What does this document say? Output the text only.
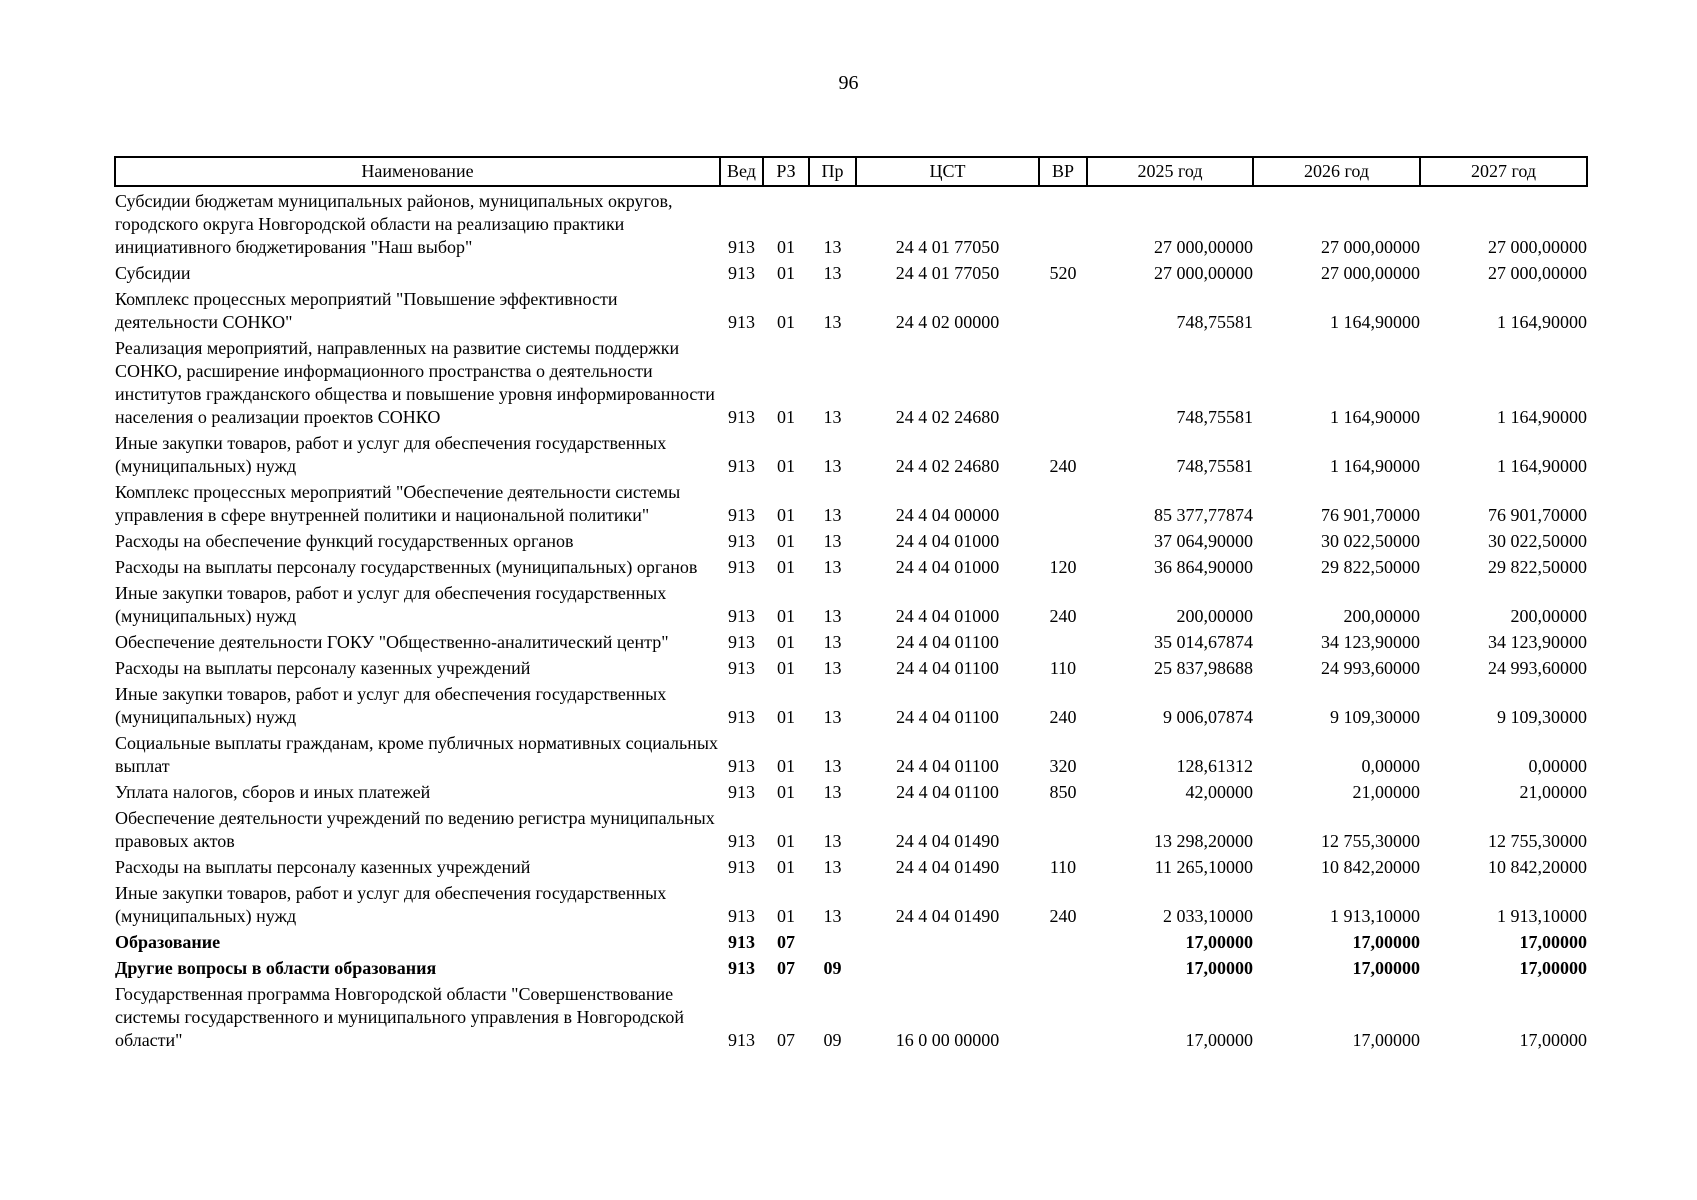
96
Наименование	Вед	РЗ	Пр	ЦСТ	ВР	2025 год	2026 год	2027 год
Субсидии бюджетам муниципальных районов, муниципальных округов, городского округа Новгородской области на реализацию практики инициативного бюджетирования "Наш выбор"	913	01	13	24 4 01 77050		27 000,00000	27 000,00000	27 000,00000
Субсидии	913	01	13	24 4 01 77050	520	27 000,00000	27 000,00000	27 000,00000
Комплекс процессных мероприятий "Повышение эффективности деятельности СОНКО"	913	01	13	24 4 02 00000		748,75581	1 164,90000	1 164,90000
Реализация мероприятий, направленных на развитие системы поддержки СОНКО, расширение информационного пространства о деятельности институтов гражданского общества и повышение уровня информированности населения о реализации проектов СОНКО	913	01	13	24 4 02 24680		748,75581	1 164,90000	1 164,90000
Иные закупки товаров, работ и услуг для обеспечения государственных (муниципальных) нужд	913	01	13	24 4 02 24680	240	748,75581	1 164,90000	1 164,90000
Комплекс процессных мероприятий "Обеспечение деятельности системы управления в сфере внутренней политики и национальной политики"	913	01	13	24 4 04 00000		85 377,77874	76 901,70000	76 901,70000
Расходы на обеспечение функций государственных органов	913	01	13	24 4 04 01000		37 064,90000	30 022,50000	30 022,50000
Расходы на выплаты персоналу государственных (муниципальных) органов	913	01	13	24 4 04 01000	120	36 864,90000	29 822,50000	29 822,50000
Иные закупки товаров, работ и услуг для обеспечения государственных (муниципальных) нужд	913	01	13	24 4 04 01000	240	200,00000	200,00000	200,00000
Обеспечение деятельности ГОКУ "Общественно-аналитический центр"	913	01	13	24 4 04 01100		35 014,67874	34 123,90000	34 123,90000
Расходы на выплаты персоналу казенных учреждений	913	01	13	24 4 04 01100	110	25 837,98688	24 993,60000	24 993,60000
Иные закупки товаров, работ и услуг для обеспечения государственных (муниципальных) нужд	913	01	13	24 4 04 01100	240	9 006,07874	9 109,30000	9 109,30000
Социальные выплаты гражданам, кроме публичных нормативных социальных выплат	913	01	13	24 4 04 01100	320	128,61312	0,00000	0,00000
Уплата налогов, сборов и иных платежей	913	01	13	24 4 04 01100	850	42,00000	21,00000	21,00000
Обеспечение деятельности учреждений по ведению регистра муниципальных правовых актов	913	01	13	24 4 04 01490		13 298,20000	12 755,30000	12 755,30000
Расходы на выплаты персоналу казенных учреждений	913	01	13	24 4 04 01490	110	11 265,10000	10 842,20000	10 842,20000
Иные закупки товаров, работ и услуг для обеспечения государственных (муниципальных) нужд	913	01	13	24 4 04 01490	240	2 033,10000	1 913,10000	1 913,10000
Образование	913	07				17,00000	17,00000	17,00000
Другие вопросы в области образования	913	07	09			17,00000	17,00000	17,00000
Государственная программа Новгородской области "Совершенствование системы государственного и муниципального управления в Новгородской области"	913	07	09	16 0 00 00000		17,00000	17,00000	17,00000
